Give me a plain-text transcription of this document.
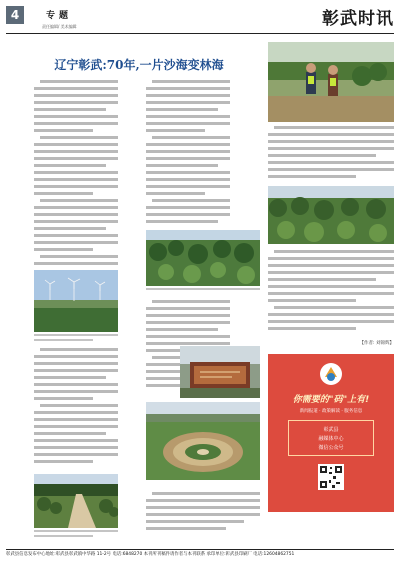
4	专题
责任编辑/ 美术编辑	彰武时讯
辽宁彰武:70年,一片沙海变林海
【作者: 刘锦辉】
你需要的"码"上有!
新闻报道 · 政策解读 · 服务信息
彰武县
融媒体中心
微信公众号
彰武县信息发布中心地址:彰武县彰武镇中华路 11-2号 电话:6848270 本刊所刊稿件请作者与本刊联系 承印单位:彰武县印刷厂 电话:12604862751
